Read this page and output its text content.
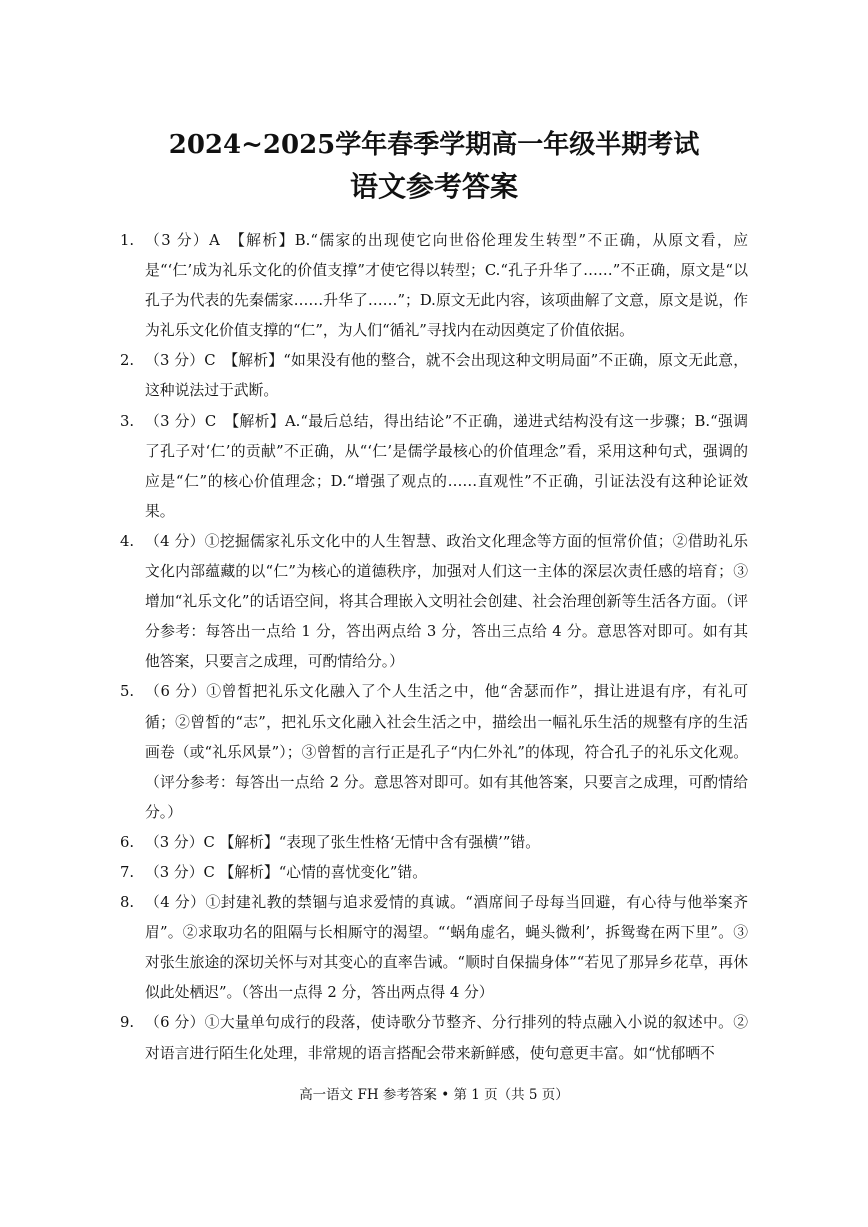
2024~2025学年春季学期高一年级半期考试
语文参考答案
1. （3 分）A　【解析】B.“儒家的出现使它向世俗伦理发生转型”不正确，从原文看，应是“‘仁’成为礼乐文化的价值支撑”才使它得以转型；C.“孔子升华了……”不正确，原文是“以孔子为代表的先秦儒家……升华了……”；D.原文无此内容，该项曲解了文意，原文是说，作为礼乐文化价值支撑的“仁”，为人们“循礼”寻找内在动因奠定了价值依据。
2. （3 分）C　【解析】“如果没有他的整合，就不会出现这种文明局面”不正确，原文无此意，这种说法过于武断。
3. （3 分）C　【解析】A.“最后总结，得出结论”不正确，递进式结构没有这一步骤；B.“强调了孔子对‘仁’的贡献”不正确，从“‘仁’是儒学最核心的价值理念”看，采用这种句式，强调的应是“仁”的核心价值理念；D.“增强了观点的……直观性”不正确，引证法没有这种论证效果。
4. （4 分）①挖掘儒家礼乐文化中的人生智慧、政治文化理念等方面的恒常价值；②借助礼乐文化内部蕴藏的以“仁”为核心的道德秩序，加强对人们这一主体的深层次责任感的培育；③增加“礼乐文化”的话语空间，将其合理嵌入文明社会创建、社会治理创新等生活各方面。（评分参考：每答出一点给 1 分，答出两点给 3 分，答出三点给 4 分。意思答对即可。如有其他答案，只要言之成理，可酌情给分。）
5. （6 分）①曾皙把礼乐文化融入了个人生活之中，他“舍瑟而作”，揖让进退有序，有礼可循；②曾皙的“志”，把礼乐文化融入社会生活之中，描绘出一幅礼乐生活的规整有序的生活画卷（或“礼乐风景”）；③曾皙的言行正是孔子“内仁外礼”的体现，符合孔子的礼乐文化观。（评分参考：每答出一点给 2 分。意思答对即可。如有其他答案，只要言之成理，可酌情给分。）
6. （3 分）C 【解析】“表现了张生性格‘无情中含有强横’”错。
7. （3 分）C 【解析】“心情的喜忧变化”错。
8. （4 分）①封建礼教的禁锢与追求爱情的真诚。“酒席间子母每当回避，有心待与他举案齐眉”。②求取功名的阻隔与长相厮守的渴望。“‘蜗角虚名，蝇头微利’，拆鸳鸯在两下里”。③对张生旅途的深切关怀与对其变心的直率告诫。“顺时自保揣身体”“若见了那异乡花草，再休似此处栖迟”。（答出一点得 2 分，答出两点得 4 分）
9. （6 分）①大量单句成行的段落，使诗歌分节整齐、分行排列的特点融入小说的叙述中。②对语言进行陌生化处理，非常规的语言搭配会带来新鲜感，使句意更丰富。如“忧郁晒不
高一语文 FH 参考答案 • 第 1 页（共 5 页）
